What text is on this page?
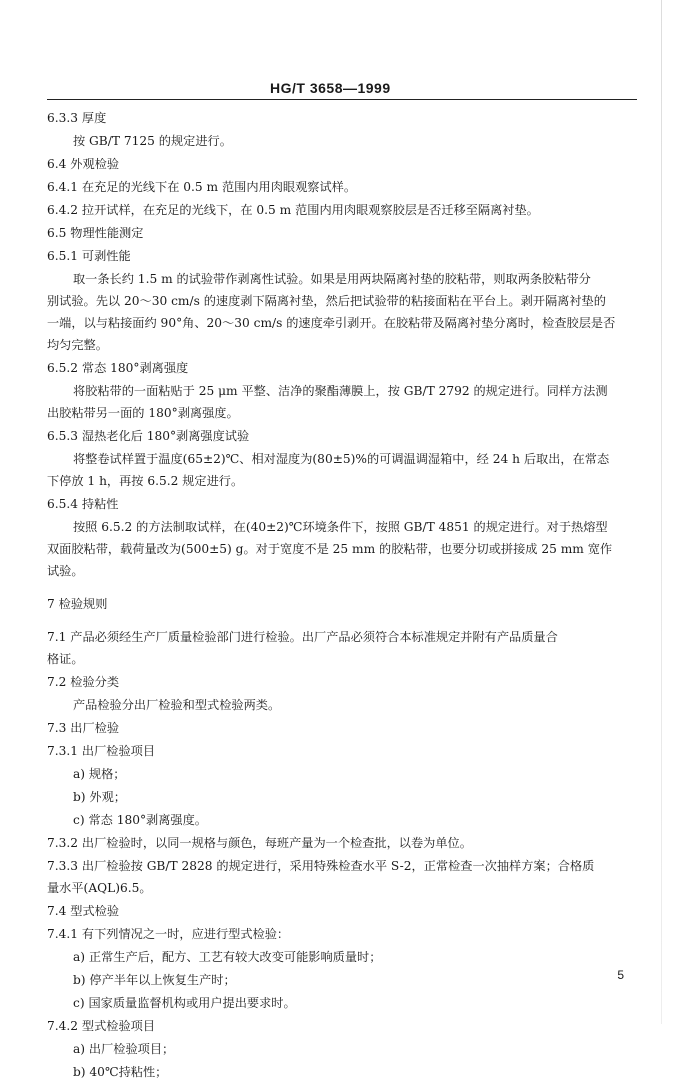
HG/T 3658—1999
6.3.3 厚度
按 GB/T 7125 的规定进行。
6.4 外观检验
6.4.1 在充足的光线下在 0.5 m 范围内用肉眼观察试样。
6.4.2 拉开试样，在充足的光线下，在 0.5 m 范围内用肉眼观察胶层是否迁移至隔离衬垫。
6.5 物理性能测定
6.5.1 可剥性能
取一条长约 1.5 m 的试验带作剥离性试验。如果是用两块隔离衬垫的胶粘带，则取两条胶粘带分
别试验。先以 20～30 cm/s 的速度剥下隔离衬垫，然后把试验带的粘接面粘在平台上。剥开隔离衬垫的
一端，以与粘接面约 90°角、20～30 cm/s 的速度牵引剥开。在胶粘带及隔离衬垫分离时，检查胶层是否
均匀完整。
6.5.2 常态 180°剥离强度
将胶粘带的一面粘贴于 25 μm 平整、洁净的聚酯薄膜上，按 GB/T 2792 的规定进行。同样方法测
出胶粘带另一面的 180°剥离强度。
6.5.3 湿热老化后 180°剥离强度试验
将整卷试样置于温度(65±2)℃、相对湿度为(80±5)%的可调温调湿箱中，经 24 h 后取出，在常态
下停放 1 h，再按 6.5.2 规定进行。
6.5.4 持粘性
按照 6.5.2 的方法制取试样，在(40±2)℃环境条件下，按照 GB/T 4851 的规定进行。对于热熔型
双面胶粘带，载荷量改为(500±5) g。对于宽度不是 25 mm 的胶粘带，也要分切或拼接成 25 mm 宽作
试验。
7 检验规则
7.1 产品必须经生产厂质量检验部门进行检验。出厂产品必须符合本标准规定并附有产品质量合
格证。
7.2 检验分类
产品检验分出厂检验和型式检验两类。
7.3 出厂检验
7.3.1 出厂检验项目
a) 规格；
b) 外观；
c) 常态 180°剥离强度。
7.3.2 出厂检验时，以同一规格与颜色，每班产量为一个检查批，以卷为单位。
7.3.3 出厂检验按 GB/T 2828 的规定进行，采用特殊检查水平 S-2，正常检查一次抽样方案；合格质
量水平(AQL)6.5。
7.4 型式检验
7.4.1 有下列情况之一时，应进行型式检验：
a) 正常生产后，配方、工艺有较大改变可能影响质量时；
b) 停产半年以上恢复生产时；
c) 国家质量监督机构或用户提出要求时。
7.4.2 型式检验项目
a) 出厂检验项目；
b) 40℃持粘性；
5
